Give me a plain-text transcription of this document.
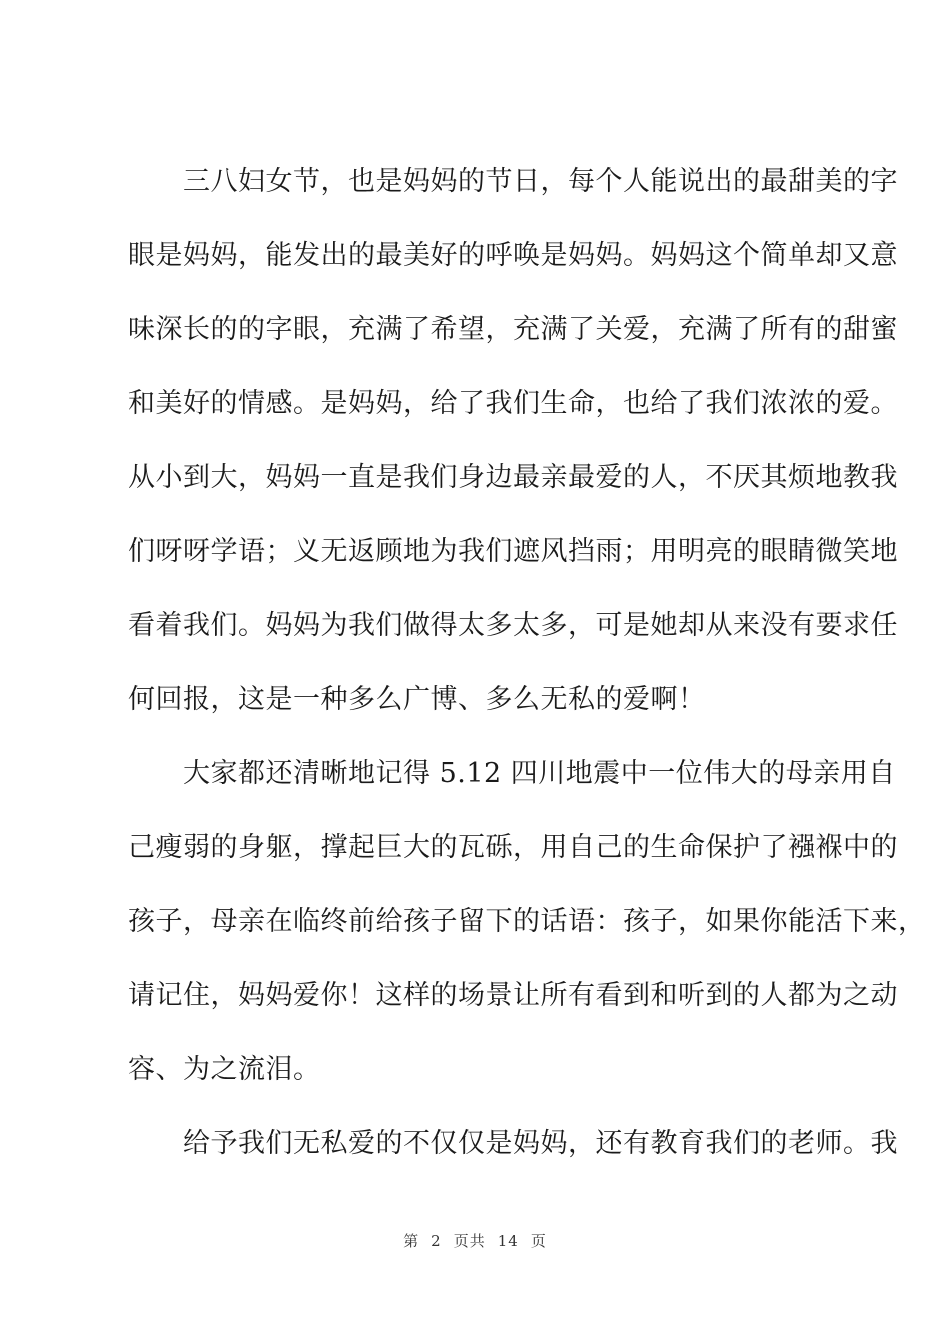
　　三八妇女节，也是妈妈的节日，每个人能说出的最甜美的字
眼是妈妈，能发出的最美好的呼唤是妈妈。妈妈这个简单却又意
味深长的的字眼，充满了希望，充满了关爱，充满了所有的甜蜜
和美好的情感。是妈妈，给了我们生命，也给了我们浓浓的爱。
从小到大，妈妈一直是我们身边最亲最爱的人，不厌其烦地教我
们呀呀学语；义无返顾地为我们遮风挡雨；用明亮的眼睛微笑地
看着我们。妈妈为我们做得太多太多，可是她却从来没有要求任
何回报，这是一种多么广博、多么无私的爱啊！
　　大家都还清晰地记得 5.12 四川地震中一位伟大的母亲用自
己瘦弱的身躯，撑起巨大的瓦砾，用自己的生命保护了襁褓中的
孩子，母亲在临终前给孩子留下的话语：孩子，如果你能活下来，
请记住，妈妈爱你！这样的场景让所有看到和听到的人都为之动
容、为之流泪。
　　给予我们无私爱的不仅仅是妈妈，还有教育我们的老师。我
第 2 页共 14 页
